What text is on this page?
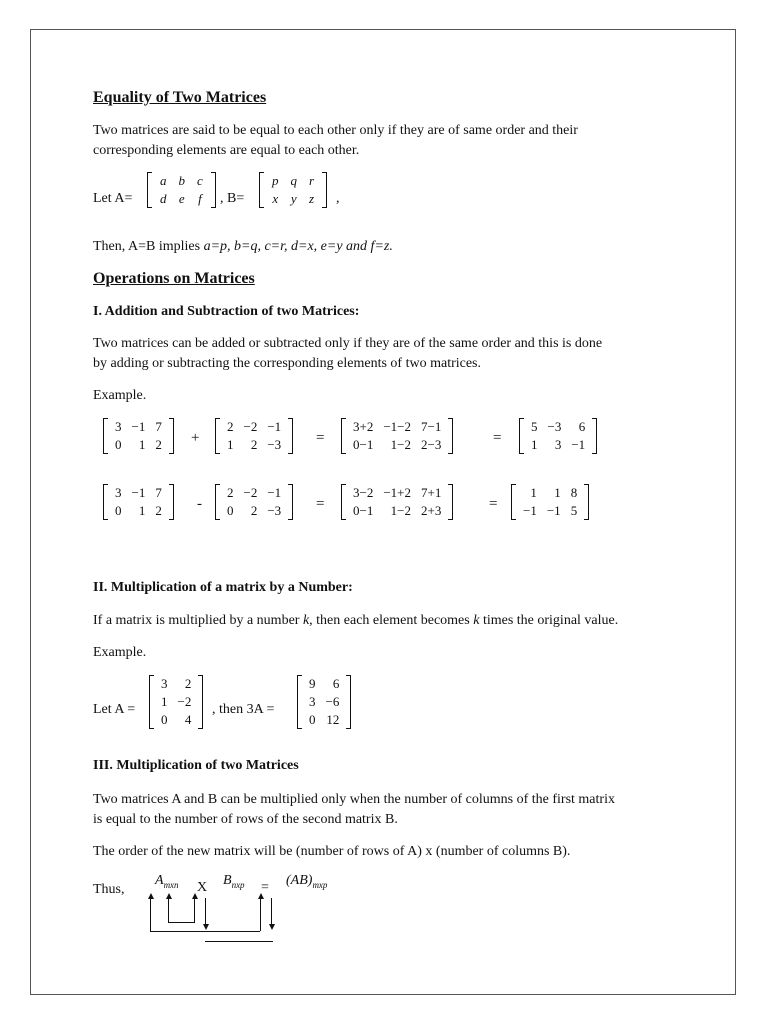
Equality of Two Matrices
Two matrices are said to be equal to each other only if they are of same order and their
corresponding elements are equal to each other.
Let A=
a	b	c
d	e	f , B=
p	q	r
x	y	z ,
Then, A=B implies a=p, b=q, c=r, d=x, e=y and f=z.
Operations on Matrices
I. Addition and Subtraction of two Matrices:
Two matrices can be added or subtracted only if they are of the same order and this is done
by adding or subtracting the corresponding elements of two matrices.
Example.
3	−1	7
0	1	2 +
2	−2	−1
1	2	−3 =
3+2	−1−2	7−1
0−1	1−2	2−3	=
5	−3	6
1	3	−1
3	−1	7
0	1	2 -
2	−2	−1
0	2	−3 =
3−2	−1+2	7+1
0−1	1−2	2+3	=
1	1	8
−1	−1	5
II. Multiplication of a matrix by a Number:
If a matrix is multiplied by a number k, then each element becomes k times the original value.
Example.
Let A =
3	2
1	−2
0	4
, then 3A =
9	6
3	−6
0	12
III. Multiplication of two Matrices
Two matrices A and B can be multiplied only when the number of columns of the first matrix
is equal to the number of rows of the second matrix B.
The order of the new matrix will be (number of rows of A) x (number of columns B).
Thus,
$A_{mxn}$ X $B_{nxp} = (AB)_{mxp}$
